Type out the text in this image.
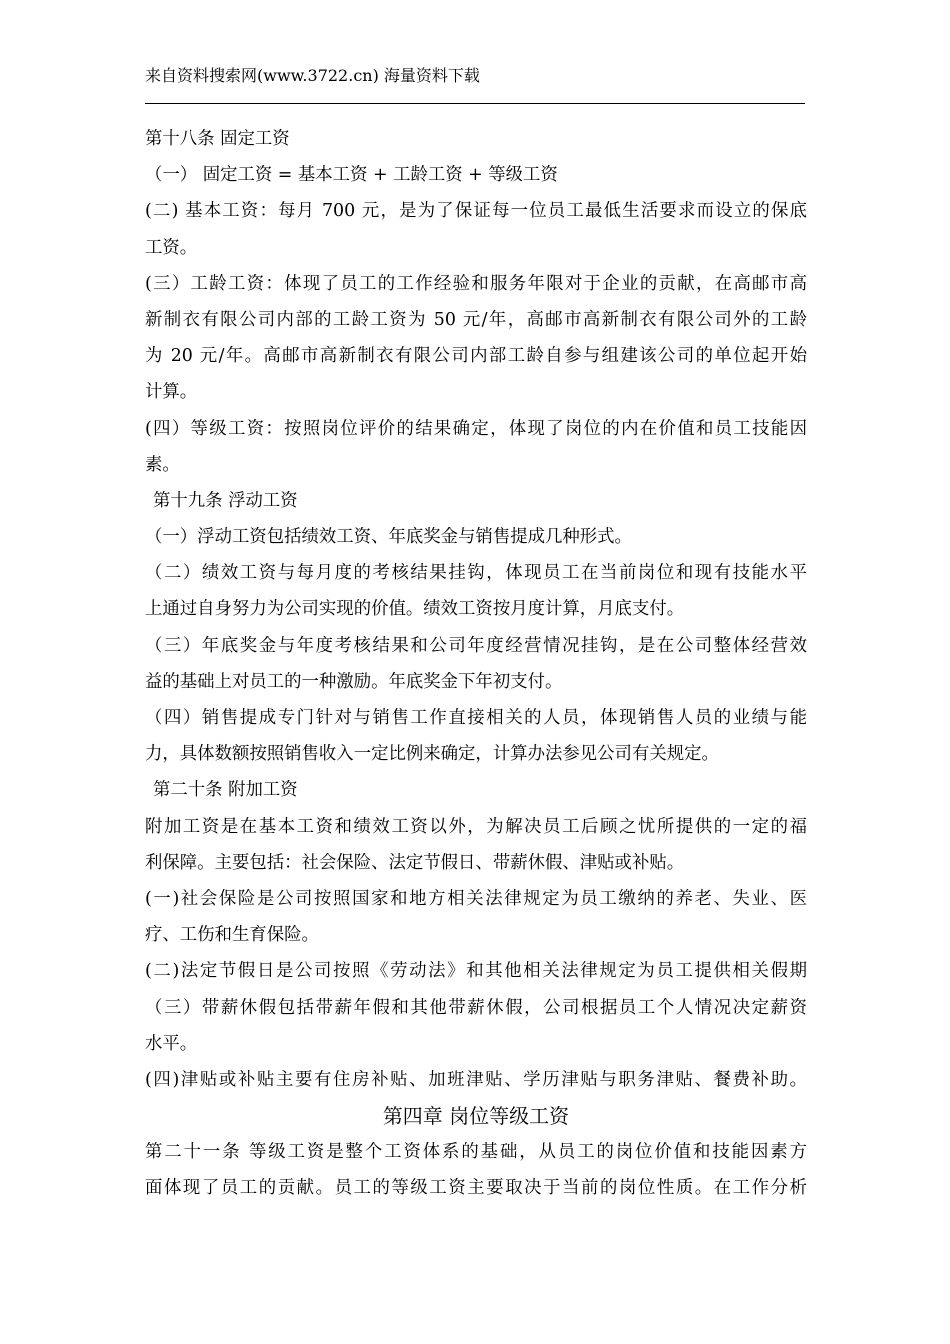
来自资料搜索网(www.3722.cn) 海量资料下载
第十八条 固定工资
（一） 固定工资 = 基本工资 + 工龄工资 + 等级工资
(二) 基本工资：每月 700 元，是为了保证每一位员工最低生活要求而设立的保底
工资。
(三）工龄工资：体现了员工的工作经验和服务年限对于企业的贡献，在高邮市高
新制衣有限公司内部的工龄工资为 50 元/年，高邮市高新制衣有限公司外的工龄
为 20 元/年。高邮市高新制衣有限公司内部工龄自参与组建该公司的单位起开始
计算。
(四）等级工资：按照岗位评价的结果确定，体现了岗位的内在价值和员工技能因
素。
第十九条 浮动工资
（一）浮动工资包括绩效工资、年底奖金与销售提成几种形式。
（二）绩效工资与每月度的考核结果挂钩，体现员工在当前岗位和现有技能水平
上通过自身努力为公司实现的价值。绩效工资按月度计算，月底支付。
（三）年底奖金与年度考核结果和公司年度经营情况挂钩，是在公司整体经营效
益的基础上对员工的一种激励。年底奖金下年初支付。
（四）销售提成专门针对与销售工作直接相关的人员，体现销售人员的业绩与能
力，具体数额按照销售收入一定比例来确定，计算办法参见公司有关规定。
第二十条 附加工资
附加工资是在基本工资和绩效工资以外，为解决员工后顾之忧所提供的一定的福
利保障。主要包括：社会保险、法定节假日、带薪休假、津贴或补贴。
(一)社会保险是公司按照国家和地方相关法律规定为员工缴纳的养老、失业、医
疗、工伤和生育保险。
(二)法定节假日是公司按照《劳动法》和其他相关法律规定为员工提供相关假期
（三）带薪休假包括带薪年假和其他带薪休假，公司根据员工个人情况决定薪资
水平。
(四)津贴或补贴主要有住房补贴、加班津贴、学历津贴与职务津贴、餐费补助。
第四章 岗位等级工资
第二十一条 等级工资是整个工资体系的基础，从员工的岗位价值和技能因素方
面体现了员工的贡献。员工的等级工资主要取决于当前的岗位性质。在工作分析
